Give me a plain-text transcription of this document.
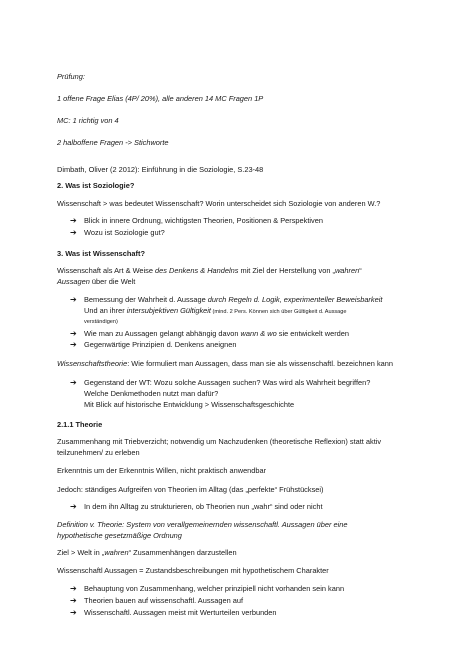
Prüfung:
1 offene Frage Elias (4P/ 20%), alle anderen 14 MC Fragen 1P
MC: 1 richtig von 4
2 halboffene Fragen -> Stichworte
Dimbath, Oliver (2 2012): Einführung in die Soziologie, S.23-48
2. Was ist Soziologie?
Wissenschaft > was bedeutet Wissenschaft? Worin unterscheidet sich Soziologie von anderen W.?
➔ Blick in innere Ordnung, wichtigsten Theorien, Positionen & Perspektiven
➔ Wozu ist Soziologie gut?
3. Was ist Wissenschaft?
Wissenschaft als Art & Weise des Denkens & Handelns mit Ziel der Herstellung von „wahren“
Aussagen über die Welt
➔ Bemessung der Wahrheit d. Aussage durch Regeln d. Logik, experimenteller Beweisbarkeit
Und an ihrer intersubjektiven Gültigkeit (mind. 2 Pers. Können sich über Gültigkeit d. Aussage
verständigen)
➔ Wie man zu Aussagen gelangt abhängig davon wann & wo sie entwickelt werden
➔ Gegenwärtige Prinzipien d. Denkens aneignen
Wissenschaftstheorie: Wie formuliert man Aussagen, dass man sie als wissenschaftl. bezeichnen kann
➔ Gegenstand der WT: Wozu solche Aussagen suchen? Was wird als Wahrheit begriffen?
Welche Denkmethoden nutzt man dafür?
Mit Blick auf historische Entwicklung > Wissenschaftsgeschichte
2.1.1 Theorie
Zusammenhang mit Triebverzicht; notwendig um Nachzudenken (theoretische Reflexion) statt aktiv
teilzunehmen/ zu erleben
Erkenntnis um der Erkenntnis Willen, nicht praktisch anwendbar
Jedoch: ständiges Aufgreifen von Theorien im Alltag (das „perfekte“ Frühstücksei)
➔ In dem ihn Alltag zu strukturieren, ob Theorien nun „wahr“ sind oder nicht
Definition v. Theorie: System von verallgemeinernden wissenschaftl. Aussagen über eine
hypothetische gesetzmäßige Ordnung
Ziel > Welt in „wahren“ Zusammenhängen darzustellen
Wissenschaftl Aussagen = Zustandsbeschreibungen mit hypothetischem Charakter
➔ Behauptung von Zusammenhang, welcher prinzipiell nicht vorhanden sein kann
➔ Theorien bauen auf wissenschaftl. Aussagen auf
➔ Wissenschaftl. Aussagen meist mit Werturteilen verbunden
